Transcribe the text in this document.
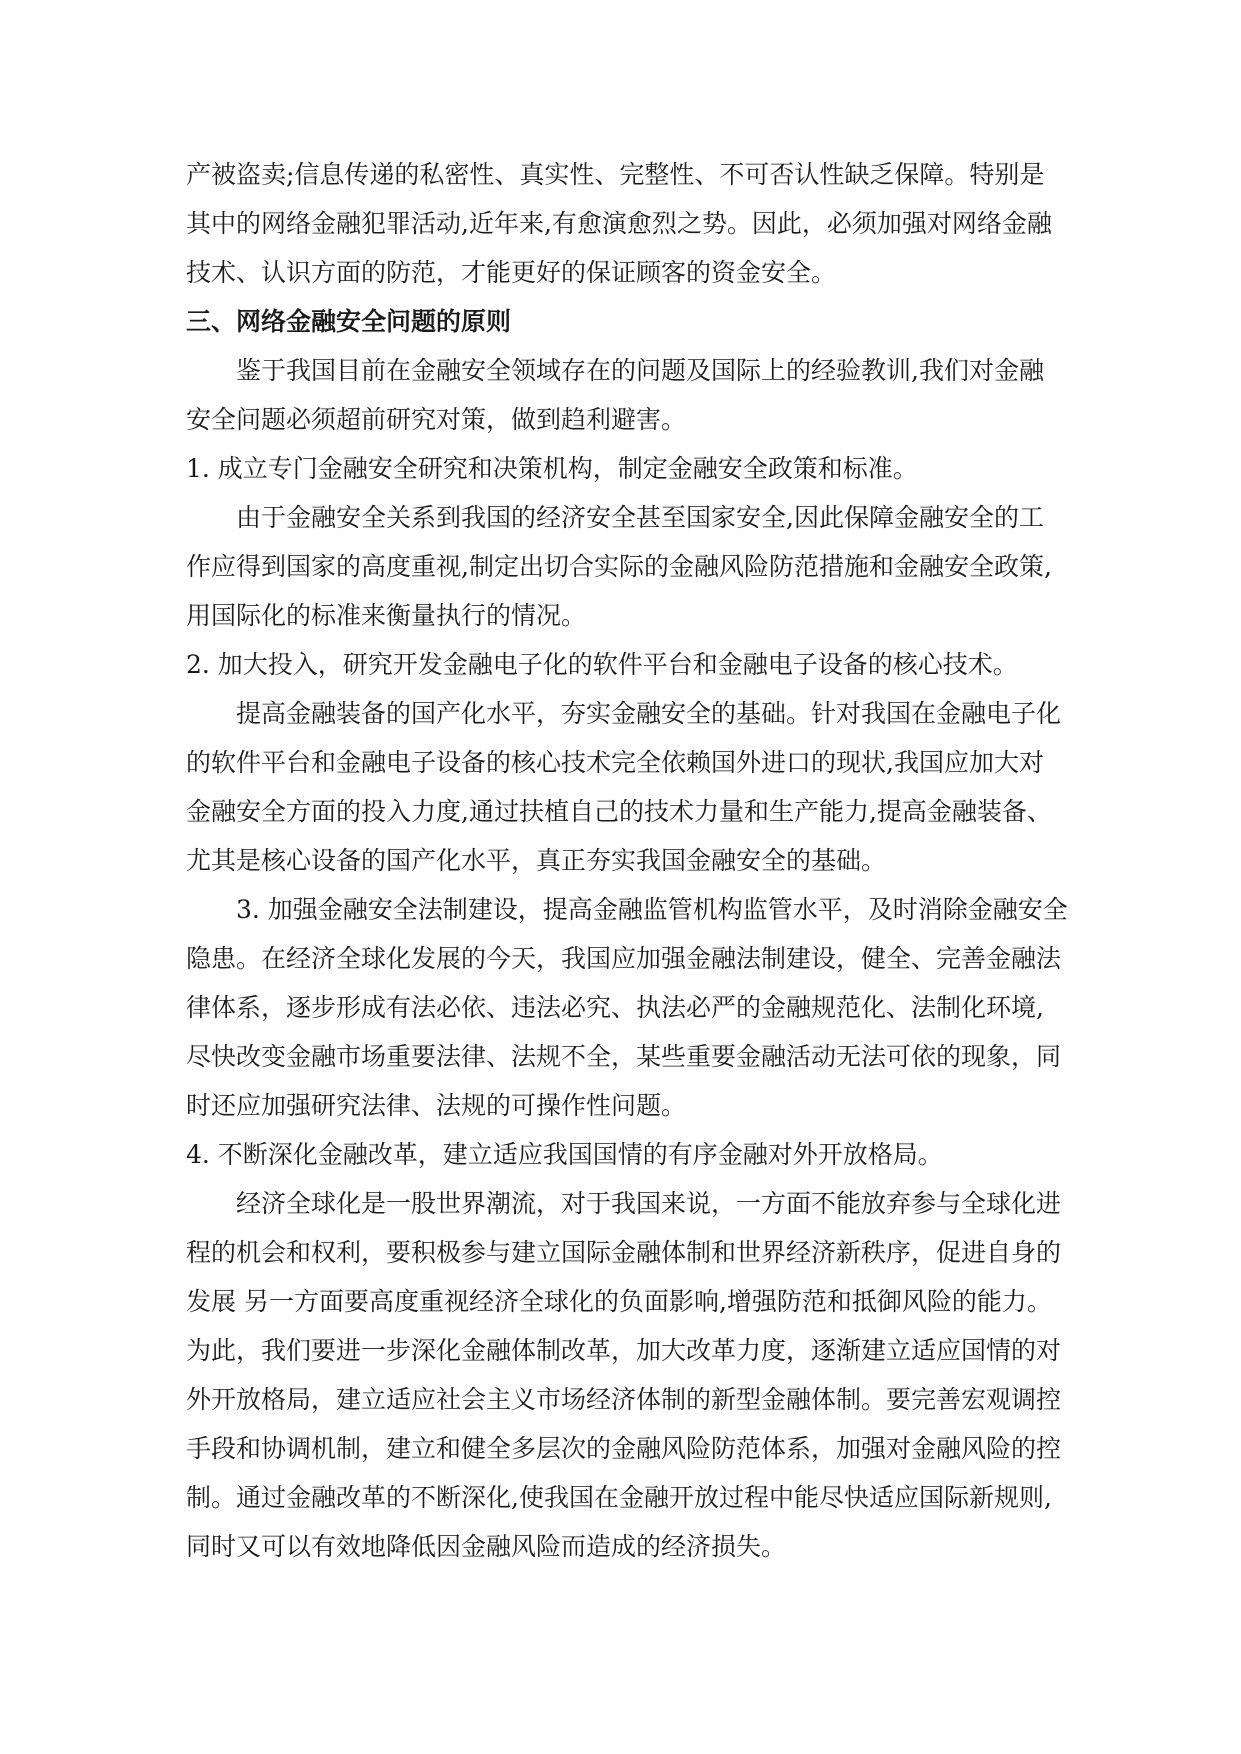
产被盗卖;信息传递的私密性、真实性、完整性、不可否认性缺乏保障。特别是
其中的网络金融犯罪活动,近年来,有愈演愈烈之势。因此，必须加强对网络金融
技术、认识方面的防范，才能更好的保证顾客的资金安全。
三、网络金融安全问题的原则
鉴于我国目前在金融安全领域存在的问题及国际上的经验教训,我们对金融
安全问题必须超前研究对策，做到趋利避害。
1. 成立专门金融安全研究和决策机构，制定金融安全政策和标准。
由于金融安全关系到我国的经济安全甚至国家安全,因此保障金融安全的工
作应得到国家的高度重视,制定出切合实际的金融风险防范措施和金融安全政策,
用国际化的标准来衡量执行的情况。
2. 加大投入，研究开发金融电子化的软件平台和金融电子设备的核心技术。
提高金融装备的国产化水平，夯实金融安全的基础。针对我国在金融电子化
的软件平台和金融电子设备的核心技术完全依赖国外进口的现状,我国应加大对
金融安全方面的投入力度,通过扶植自己的技术力量和生产能力,提高金融装备、
尤其是核心设备的国产化水平，真正夯实我国金融安全的基础。
3. 加强金融安全法制建设，提高金融监管机构监管水平，及时消除金融安全
隐患。在经济全球化发展的今天，我国应加强金融法制建设，健全、完善金融法
律体系，逐步形成有法必依、违法必究、执法必严的金融规范化、法制化环境,
尽快改变金融市场重要法律、法规不全，某些重要金融活动无法可依的现象，同
时还应加强研究法律、法规的可操作性问题。
4. 不断深化金融改革，建立适应我国国情的有序金融对外开放格局。
经济全球化是一股世界潮流，对于我国来说，一方面不能放弃参与全球化进
程的机会和权利，要积极参与建立国际金融体制和世界经济新秩序，促进自身的
发展 另一方面要高度重视经济全球化的负面影响,增强防范和抵御风险的能力。
为此，我们要进一步深化金融体制改革，加大改革力度，逐渐建立适应国情的对
外开放格局，建立适应社会主义市场经济体制的新型金融体制。要完善宏观调控
手段和协调机制，建立和健全多层次的金融风险防范体系，加强对金融风险的控
制。通过金融改革的不断深化,使我国在金融开放过程中能尽快适应国际新规则,
同时又可以有效地降低因金融风险而造成的经济损失。
